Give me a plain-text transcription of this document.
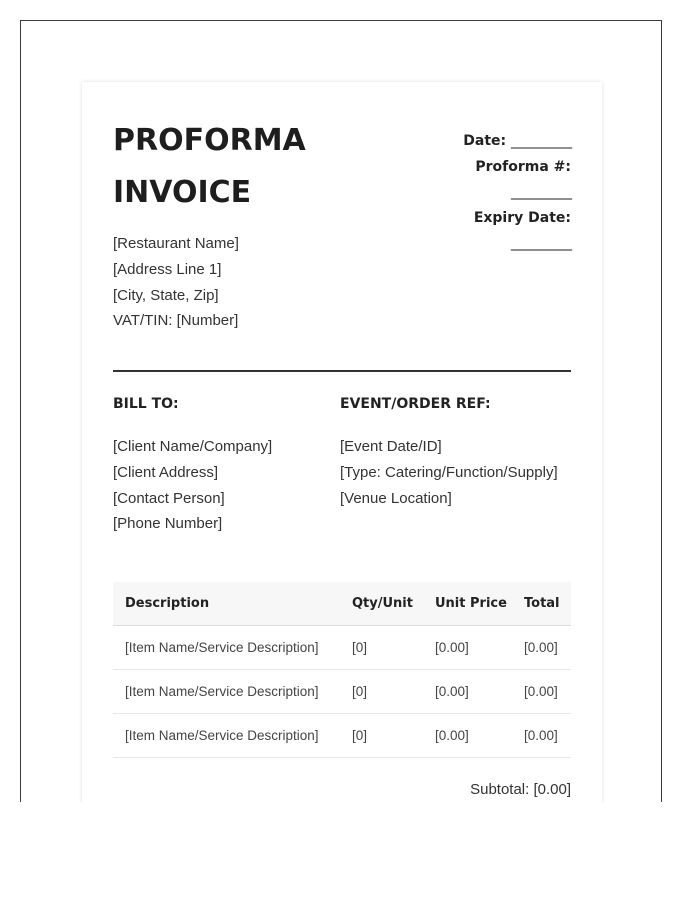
PROFORMA
INVOICE
Date: __________
Proforma #:
__________
Expiry Date:
__________
[Restaurant Name]
[Address Line 1]
[City, State, Zip]
VAT/TIN: [Number]
BILL TO:
[Client Name/Company]
[Client Address]
[Contact Person]
[Phone Number]
EVENT/ORDER REF:
[Event Date/ID]
[Type: Catering/Function/Supply]
[Venue Location]
Description	Qty/Unit	Unit Price	Total
[Item Name/Service Description]	[0]	[0.00]	[0.00]
[Item Name/Service Description]	[0]	[0.00]	[0.00]
[Item Name/Service Description]	[0]	[0.00]	[0.00]
Subtotal: [0.00]
